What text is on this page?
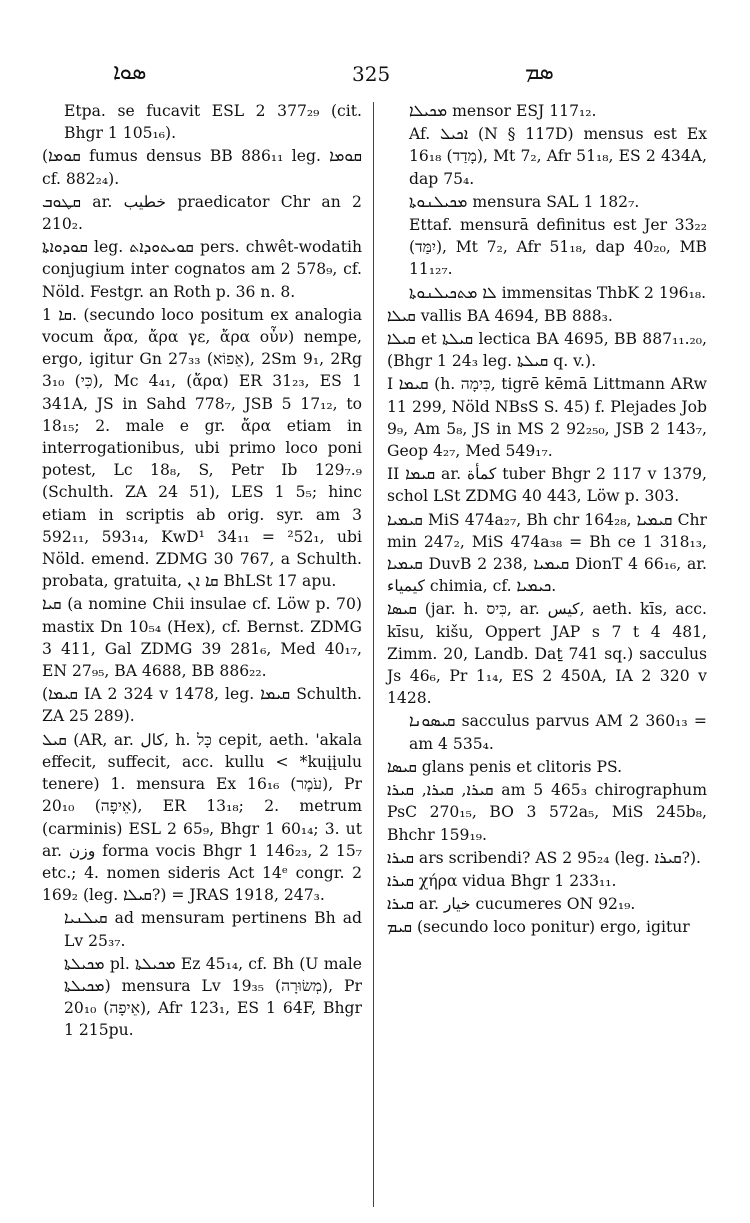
ܣܘܐ	325	ܣܡ

Etpa. se fucavit ESL 2 377₂₉ (cit. Bhgr 1 105₁₆).

(ܩܘܡܐ fumus densus BB 886₁₁ leg. ܩܘܡܐ cf. 882₂₄).

ܩܛܘܒ ar. خطيب praedicator Chr an 2 210₂.

ܩܘܕܘܐܬܐ leg. ܩܘܝܬܘܕܐܬ pers. chwêt-wodatih conjugium inter cognatos am 2 578₉, cf. Nöld. Festgr. an Roth p. 36 n. 8.

ܩܐ 1. (secundo loco positum ex analogia vocum ἄρα, ἄρα γε, ἄρα οὖν) nempe, ergo, igitur Gn 27₃₃ (אֵפוֹא), 2Sm 9₁, 2Rg 3₁₀ (כִּי), Mc 4₄₁, (ἄρα) ER 31₂₃, ES 1 341A, JS in Sahd 778₇, JSB 5 17₁₂, to 18₁₅; 2. male e gr. ἄρα etiam in interrogationibus, ubi primo loco poni potest, Lc 18₈, S, Petr Ib 129₇.₉ (Schulth. ZA 24 51), LES 1 5₅; hinc etiam in scriptis ab orig. syr. am 3 592₁₁, 593₁₄, KwD¹ 34₁₁ = ²52₁, ubi Nöld. emend. ZDMG 30 767, a Schulth. probata, gratuita, ܩܐ ܐܢ BhLSt 17 apu.

ܩܝܐ (a nomine Chii insulae cf. Löw p. 70) mastix Dn 10₅₄ (Hex), cf. Bernst. ZDMG 3 411, Gal ZDMG 39 281₆, Med 40₁₇, EN 27₉₅, BA 4688, BB 886₂₂.

(ܩܝܡܐ IA 2 324 v 1478, leg. ܩܝܡܐ Schulth. ZA 25 289).

ܩܝܠ (AR, ar. كال, h. כָּל cepit, aeth. 'akala effecit, suffecit, acc. kullu < *kuįįulu tenere) 1. mensura Ex 16₁₆ (עֹמֶר), Pr 20₁₀ (אֵיפָה), ER 13₁₈; 2. metrum (carminis) ESL 2 65₉, Bhgr 1 60₁₄; 3. ut ar. وزن forma vocis Bhgr 1 146₂₃, 2 15₇ etc.; 4. nomen sideris Act 14ᵉ congr. 2 169₂ (leg. ܩܝܠܐ?) = JRAS 1918, 247₃.

ܩܝܠܢܝܐ ad mensuram pertinens Bh ad Lv 25₃₇.

ܡܟܝܠܬܐ pl. ܡܟܝܠܬܐ Ez 45₁₄, cf. Bh (U male ܡܟܝܠܬܐ) mensura Lv 19₃₅ (מְשׂוּרָה), Pr 20₁₀ (אֵיפָה), Afr 123₁, ES 1 64F, Bhgr 1 215pu.

ܡܟܝܠܐ mensor ESJ 117₁₂.

Af. ܐܟܝܠ (N § 117D) mensus est Ex 16₁₈ (מָדַד), Mt 7₂, Afr 51₁₈, ES 2 434A, dap 75₄.

ܡܟܝܠܢܘܬܐ mensura SAL 1 182₇.

Ettaf. mensurā definitus est Jer 33₂₂ (יִמַּד), Mt 7₂, Afr 51₁₈, dap 40₂₀, MB 11₁₂₇.

ܠܐ ܡܬܟܝܠܢܘܬܐ immensitas ThbK 2 196₁₈.

ܩܝܠܐ vallis BA 4694, BB 888₃.

ܩܝܠܐ et ܩܝܠܬܐ lectica BA 4695, BB 887₁₁.₂₀, (Bhgr 1 24₃ leg. ܩܝܠܬܐ q. v.).

I ܩܝܡܐ (h. כִּימָה, tigrē kēmā Littmann ARw 11 299, Nöld NBsS S. 45) f. Plejades Job 9₉, Am 5₈, JS in MS 2 92₂₅₀, JSB 2 143₇, Geop 4₂₇, Med 549₁₇.

II ܩܝܡܐ ar. كمأة tuber Bhgr 2 117 v 1379, schol LSt ZDMG 40 443, Löw p. 303.

ܩܝܡܝܐ MiS 474a₂₇, Bh chr 164₂₈, ܩܝܡܝܐ Chr min 247₂, MiS 474a₃₈ = Bh ce 1 318₁₃, ܩܝܡܝܐ DuvB 2 238, ܩܝܡܝܐ DionT 4 66₁₆, ar. كيمياء chimia, cf. ܟܝܡܝܐ.

ܩܝܣܐ (jar. h. כִּיס, ar. كيس, aeth. kīs, acc. kīsu, kišu, Oppert JAP s 7 t 4 481, Zimm. 20, Landb. Daṯ 741 sq.) sacculus Js 46₆, Pr 1₁₄, ES 2 450A, IA 2 320 v 1428.

ܩܝܣܘܢܐ sacculus parvus AM 2 360₁₃ = am 4 535₄.

ܩܝܣܐ glans penis et clitoris PS.

ܩܝܪܐ, ܩܝܪܐ, ܩܝܪܐ am 5 465₃ chirographum PsC 270₁₅, BO 3 572a₅, MiS 245b₈, Bhchr 159₁₉.

ܩܝܪܐ ars scribendi? AS 2 95₂₄ (leg. ܩܝܪܐ?).

ܩܝܪܐ χήρα vidua Bhgr 1 233₁₁.

ܩܝܪܐ ar. خيار cucumeres ON 92₁₉.

ܩܝܡ (secundo loco ponitur) ergo, igitur
